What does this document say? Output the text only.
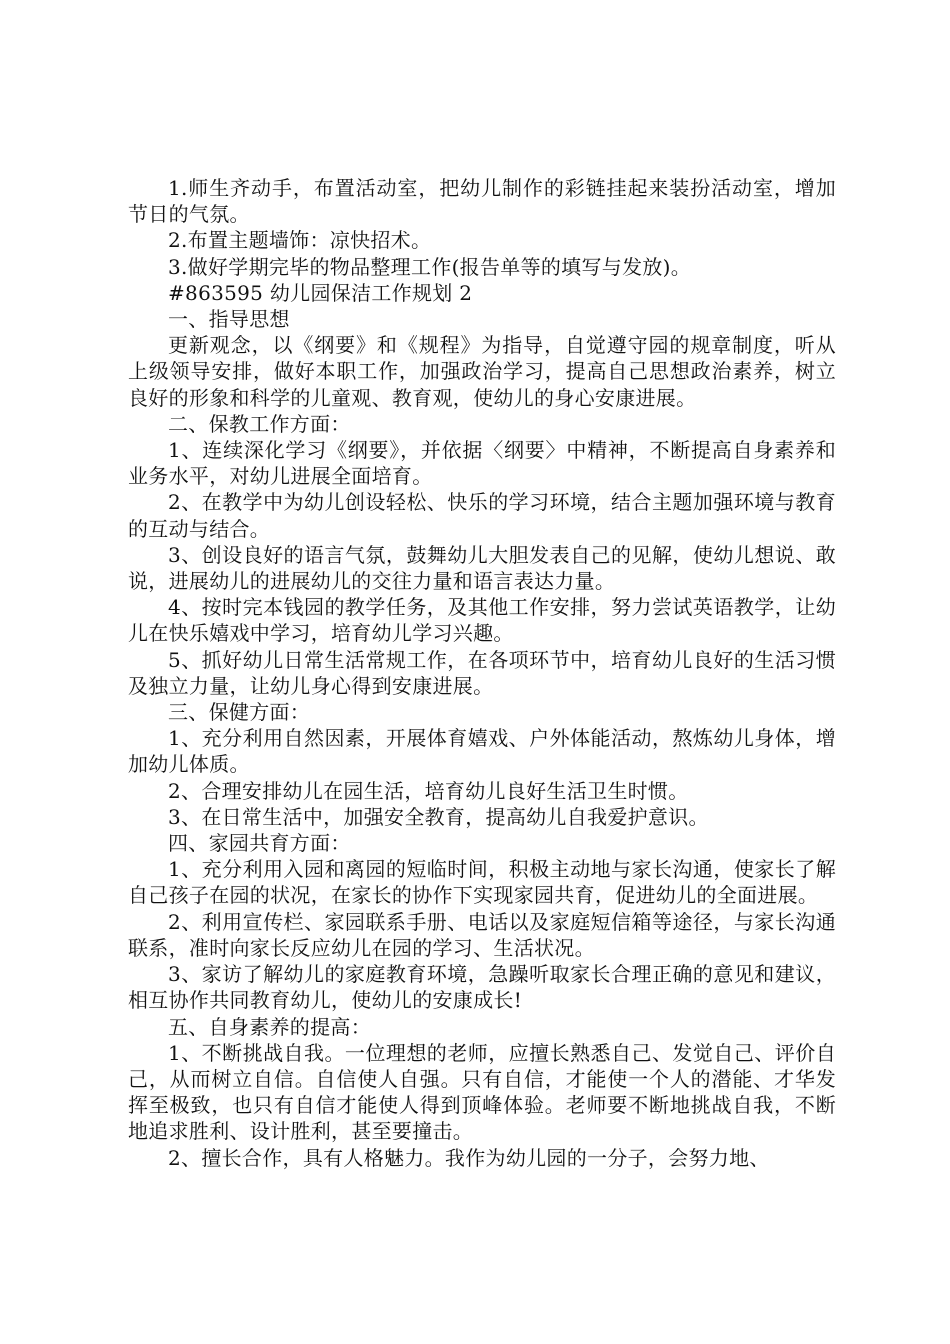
1.师生齐动手，布置活动室，把幼儿制作的彩链挂起来装扮活动室，增加节日的气氛。

2.布置主题墙饰：凉快招术。

3.做好学期完毕的物品整理工作(报告单等的填写与发放)。

#863595 幼儿园保洁工作规划 2

一、指导思想

更新观念，以《纲要》和《规程》为指导，自觉遵守园的规章制度，听从上级领导安排，做好本职工作，加强政治学习，提高自己思想政治素养，树立良好的形象和科学的儿童观、教育观，使幼儿的身心安康进展。

二、保教工作方面：

1、连续深化学习《纲要》，并依据〈纲要〉中精神，不断提高自身素养和业务水平，对幼儿进展全面培育。

2、在教学中为幼儿创设轻松、快乐的学习环境，结合主题加强环境与教育的互动与结合。

3、创设良好的语言气氛，鼓舞幼儿大胆发表自己的见解，使幼儿想说、敢说，进展幼儿的进展幼儿的交往力量和语言表达力量。

4、按时完本钱园的教学任务，及其他工作安排，努力尝试英语教学，让幼儿在快乐嬉戏中学习，培育幼儿学习兴趣。

5、抓好幼儿日常生活常规工作，在各项环节中，培育幼儿良好的生活习惯及独立力量，让幼儿身心得到安康进展。

三、保健方面：

1、充分利用自然因素，开展体育嬉戏、户外体能活动，熬炼幼儿身体，增加幼儿体质。

2、合理安排幼儿在园生活，培育幼儿良好生活卫生时惯。

3、在日常生活中，加强安全教育，提高幼儿自我爱护意识。

四、家园共育方面：

1、充分利用入园和离园的短临时间，积极主动地与家长沟通，使家长了解自己孩子在园的状况，在家长的协作下实现家园共育，促进幼儿的全面进展。

2、利用宣传栏、家园联系手册、电话以及家庭短信箱等途径，与家长沟通联系，准时向家长反应幼儿在园的学习、生活状况。

3、家访了解幼儿的家庭教育环境，急躁听取家长合理正确的意见和建议，相互协作共同教育幼儿，使幼儿的安康成长!

五、自身素养的提高：

1、不断挑战自我。一位理想的老师，应擅长熟悉自己、发觉自己、评价自己，从而树立自信。自信使人自强。只有自信，才能使一个人的潜能、才华发挥至极致，也只有自信才能使人得到顶峰体验。老师要不断地挑战自我，不断地追求胜利、设计胜利，甚至要撞击。

2、擅长合作，具有人格魅力。我作为幼儿园的一分子，会努力地、
